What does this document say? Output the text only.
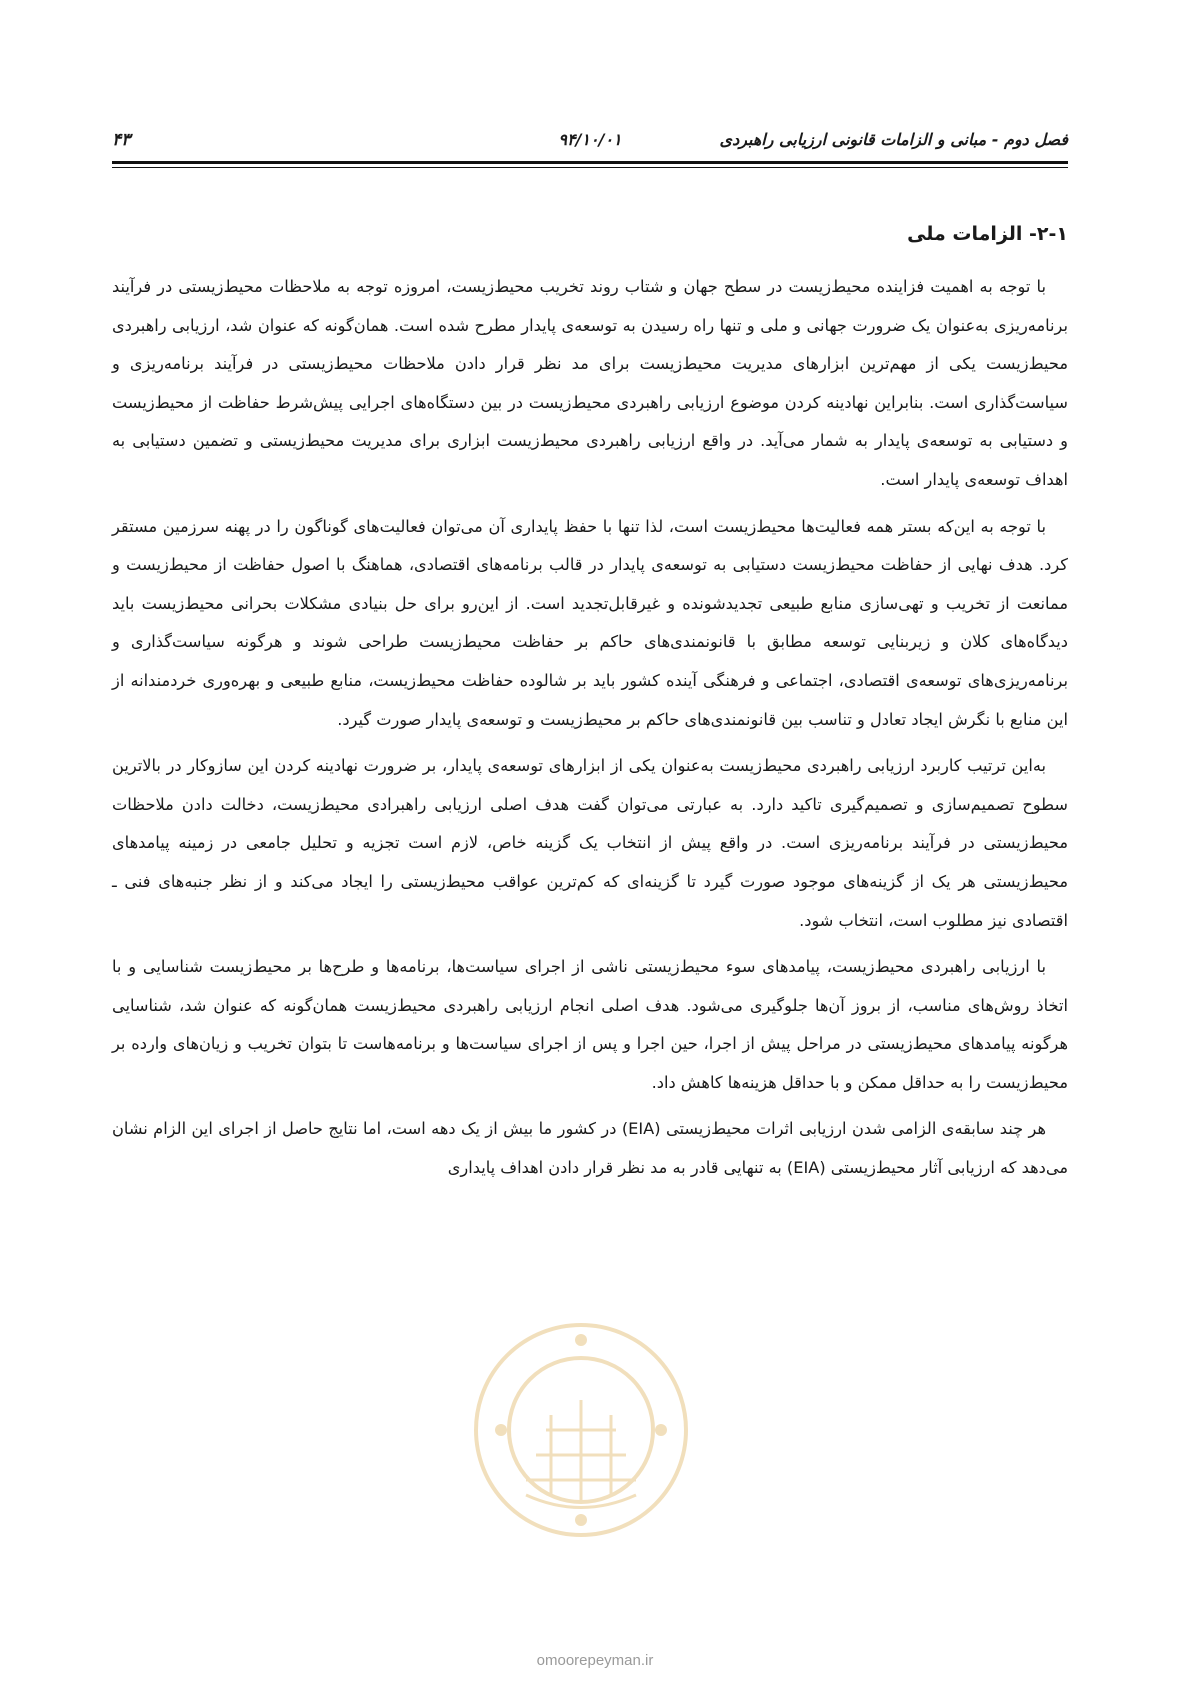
فصل دوم - مبانی و الزامات قانونی ارزیابی راهبردی
۹۴/۱۰/۰۱
۴۳
۲-۱- الزامات ملی

با توجه به اهمیت فزاینده محیط‌زیست در سطح جهان و شتاب روند تخریب محیط‌زیست، امروزه توجه به ملاحظات محیط‌زیستی در فرآیند برنامه‌ریزی به‌عنوان یک ضرورت جهانی و ملی و تنها راه رسیدن به توسعه‌ی پایدار مطرح شده است. همان‌گونه که عنوان شد، ارزیابی راهبردی محیط‌زیست یکی از مهم‌ترین ابزارهای مدیریت محیط‌زیست برای مد نظر قرار دادن ملاحظات محیط‌زیستی در فرآیند برنامه‌ریزی و سیاست‌گذاری است. بنابراین نهادینه کردن موضوع ارزیابی راهبردی محیط‌زیست در بین دستگاه‌های اجرایی پیش‌شرط حفاظت از محیط‌زیست و دستیابی به توسعه‌ی پایدار به شمار می‌آید. در واقع ارزیابی راهبردی محیط‌زیست ابزاری برای مدیریت محیط‌زیستی و تضمین دستیابی به اهداف توسعه‌ی پایدار است.

با توجه به این‌که بستر همه فعالیت‌ها محیط‌زیست است، لذا تنها با حفظ پایداری آن می‌توان فعالیت‌های گوناگون را در پهنه سرزمین مستقر کرد. هدف نهایی از حفاظت محیط‌زیست دستیابی به توسعه‌ی پایدار در قالب برنامه‌های اقتصادی، هماهنگ با اصول حفاظت از محیط‌زیست و ممانعت از تخریب و تهی‌سازی منابع طبیعی تجدیدشونده و غیرقابل‌تجدید است. از این‌رو برای حل بنیادی مشکلات بحرانی محیط‌زیست باید دیدگاه‌های کلان و زیربنایی توسعه مطابق با قانونمندی‌های حاکم بر حفاظت محیط‌زیست طراحی شوند و هرگونه سیاست‌گذاری و برنامه‌ریزی‌های توسعه‌ی اقتصادی، اجتماعی و فرهنگی آینده کشور باید بر شالوده حفاظت محیط‌زیست، منابع طبیعی و بهره‌وری خردمندانه از این منابع با نگرش ایجاد تعادل و تناسب بین قانونمندی‌های حاکم بر محیط‌زیست و توسعه‌ی پایدار صورت گیرد.

به‌این ترتیب کاربرد ارزیابی راهبردی محیط‌زیست به‌عنوان یکی از ابزارهای توسعه‌ی پایدار، بر ضرورت نهادینه کردن این سازوکار در بالاترین سطوح تصمیم‌سازی و تصمیم‌گیری تاکید دارد. به عبارتی می‌توان گفت هدف اصلی ارزیابی راهبرادی محیط‌زیست، دخالت دادن ملاحظات محیط‌زیستی در فرآیند برنامه‌ریزی است. در واقع پیش از انتخاب یک گزینه خاص، لازم است تجزیه و تحلیل جامعی در زمینه پیامدهای محیط‌زیستی هر یک از گزینه‌های موجود صورت گیرد تا گزینه‌ای که کم‌ترین عواقب محیط‌زیستی را ایجاد می‌کند و از نظر جنبه‌های فنی ـ اقتصادی نیز مطلوب است، انتخاب شود.

با ارزیابی راهبردی محیط‌زیست، پیامدهای سوء محیط‌زیستی ناشی از اجرای سیاست‌ها، برنامه‌ها و طرح‌ها بر محیط‌زیست شناسایی و با اتخاذ روش‌های مناسب، از بروز آن‌ها جلوگیری می‌شود. هدف اصلی انجام ارزیابی راهبردی محیط‌زیست همان‌گونه که عنوان شد، شناسایی هرگونه پیامدهای محیط‌زیستی در مراحل پیش از اجرا، حین اجرا و پس از اجرای سیاست‌ها و برنامه‌هاست تا بتوان تخریب و زیان‌های وارده بر محیط‌زیست را به حداقل ممکن و با حداقل هزینه‌ها کاهش داد.

هر چند سابقه‌ی الزامی شدن ارزیابی اثرات محیط‌زیستی (EIA) در کشور ما بیش از یک دهه است، اما نتایج حاصل از اجرای این الزام نشان می‌دهد که ارزیابی آثار محیط‌زیستی (EIA) به تنهایی قادر به مد نظر قرار دادن اهداف پایداری

omoorepeyman.ir
